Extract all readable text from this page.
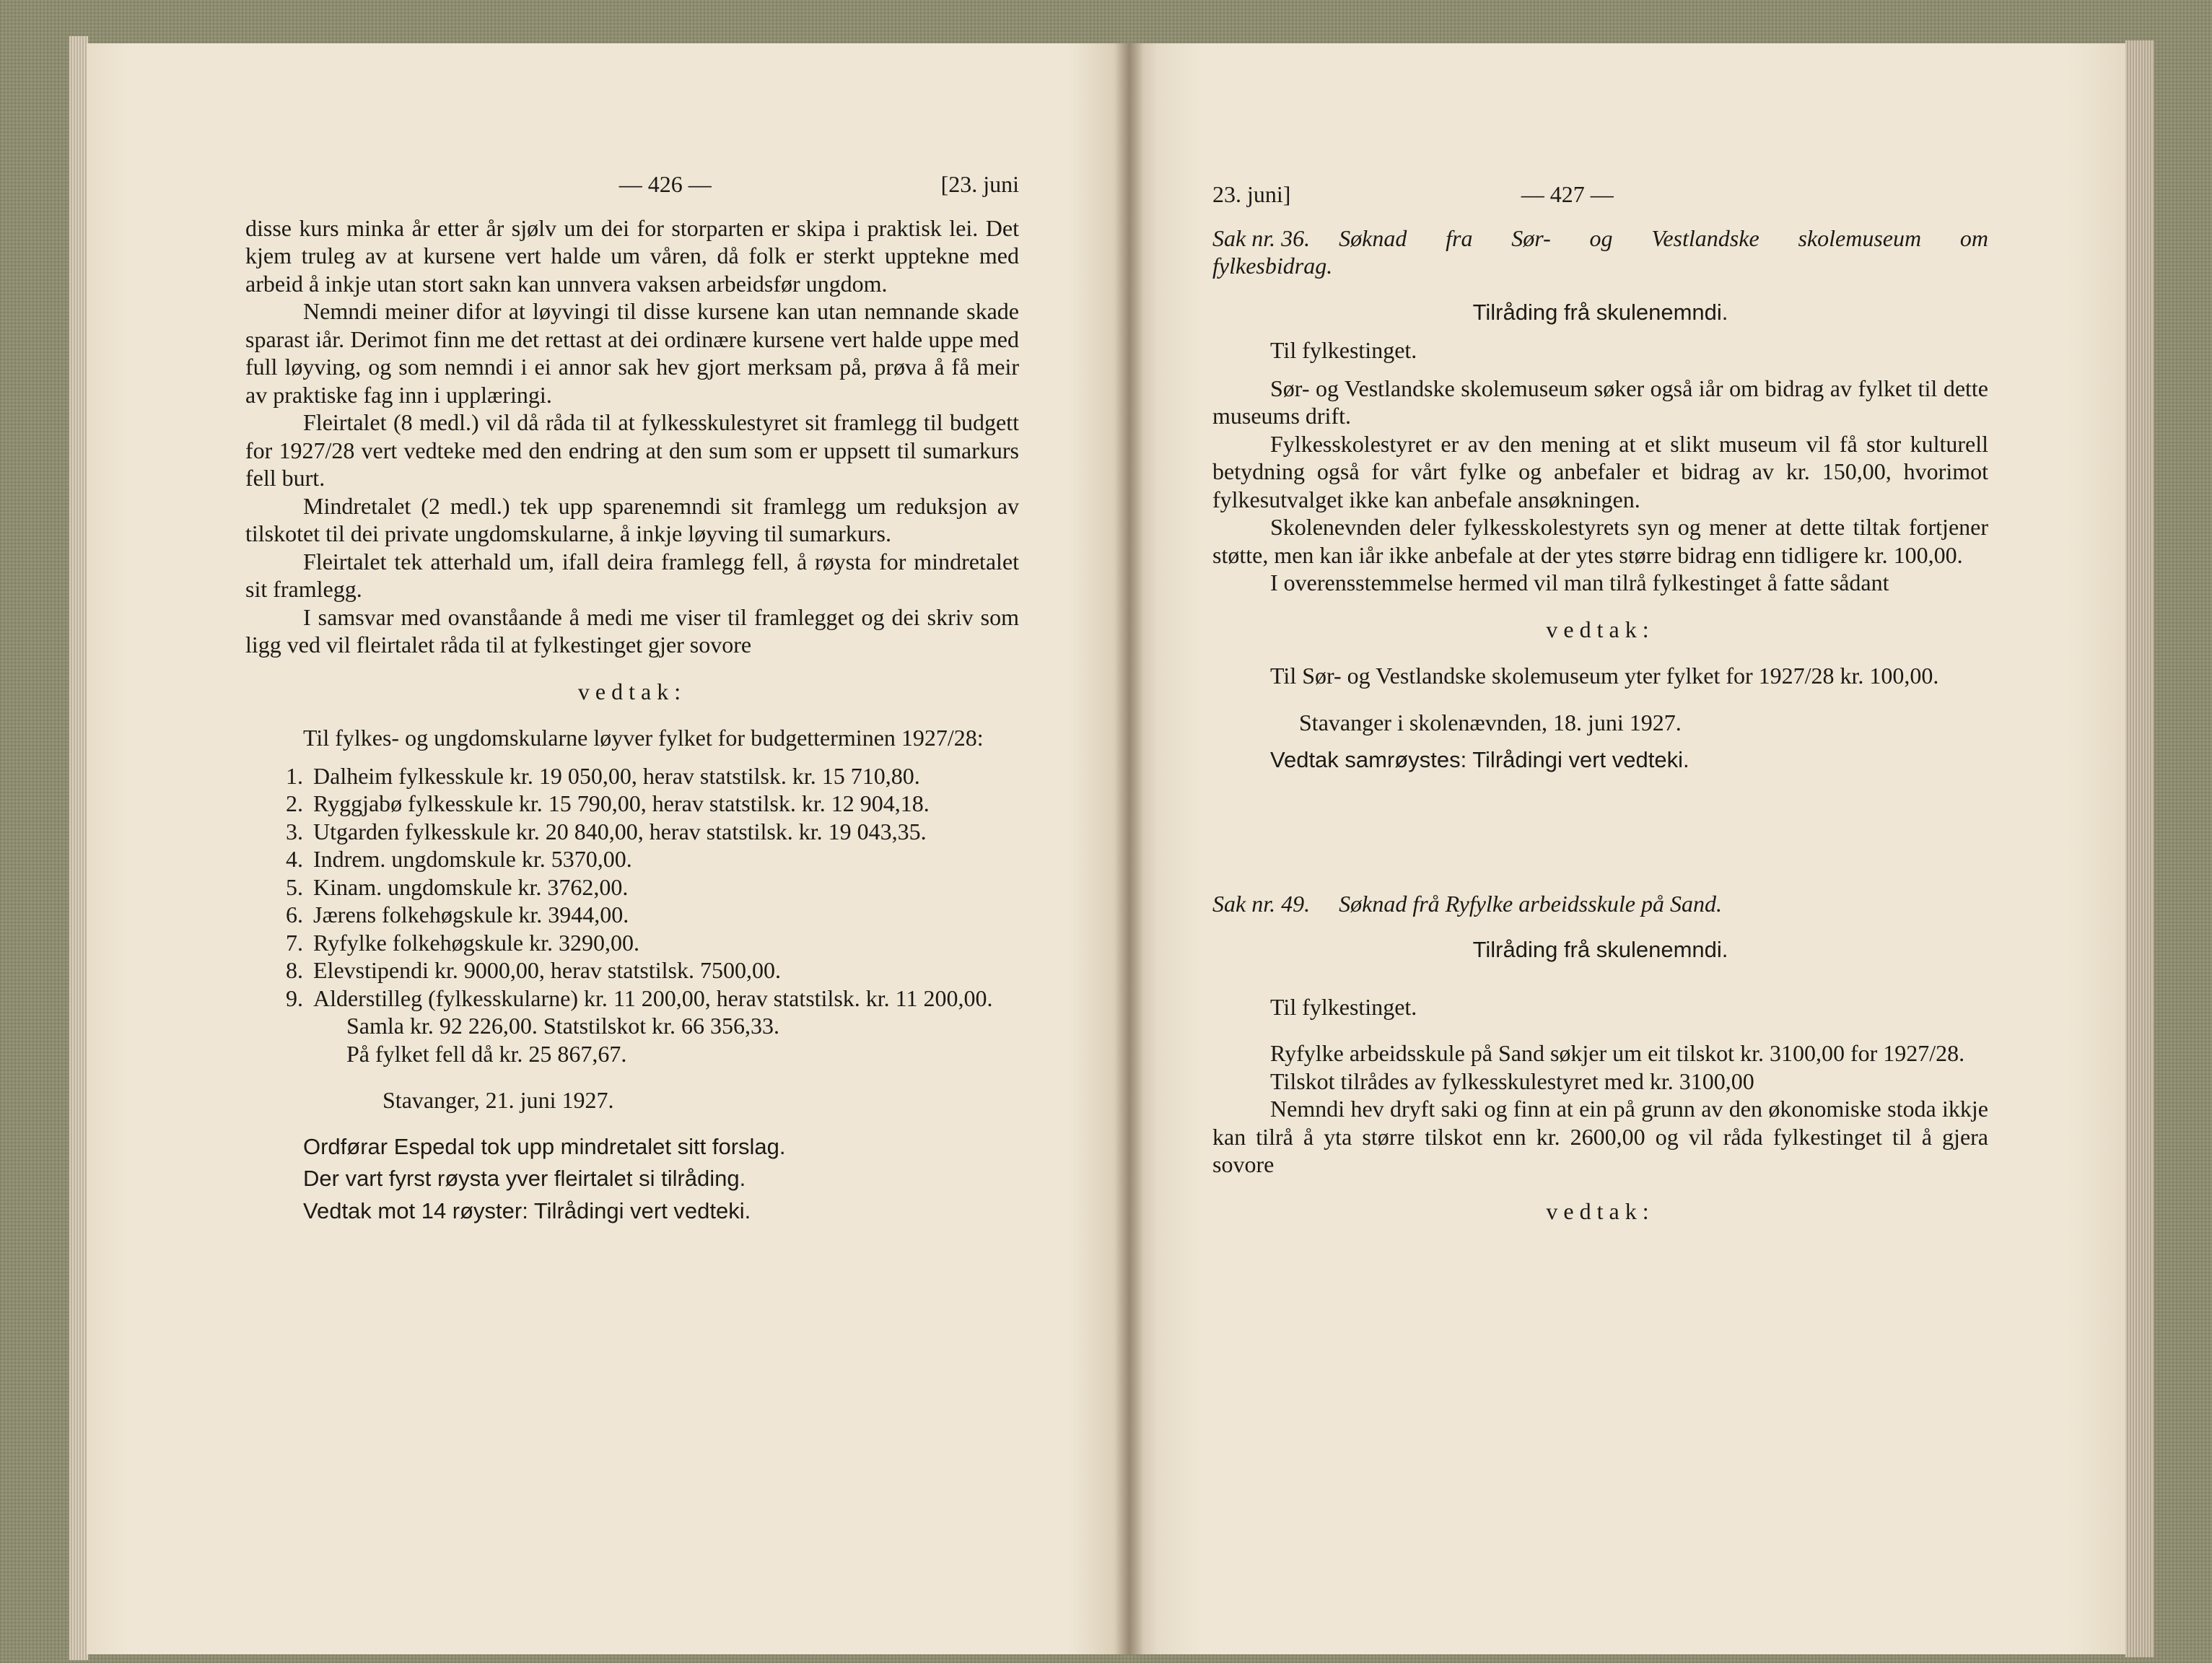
— 426 —	[23. juni

disse kurs minka år etter år sjølv um dei for storparten er skipa i praktisk lei. Det kjem truleg av at kursene vert halde um våren, då folk er sterkt upptekne med arbeid å inkje utan stort sakn kan unnvera vaksen arbeidsfør ungdom.

Nemndi meiner difor at løyvingi til disse kursene kan utan nemnande skade sparast iår. Derimot finn me det rettast at dei ordinære kursene vert halde uppe med full løyving, og som nemndi i ei annor sak hev gjort merksam på, prøva å få meir av praktiske fag inn i upplæringi.

Fleirtalet (8 medl.) vil då råda til at fylkesskulestyret sit framlegg til budgett for 1927/28 vert vedteke med den endring at den sum som er uppsett til sumarkurs fell burt.

Mindretalet (2 medl.) tek upp sparenemndi sit framlegg um reduksjon av tilskotet til dei private ungdomskularne, å inkje løyving til sumarkurs.

Fleirtalet tek atterhald um, ifall deira framlegg fell, å røysta for mindretalet sit framlegg.

I samsvar med ovanståande å medi me viser til framlegget og dei skriv som ligg ved vil fleirtalet råda til at fylkestinget gjer sovore

vedtak:

Til fylkes- og ungdomskularne løyver fylket for budgetterminen 1927/28:

1. Dalheim fylkesskule kr. 19 050,00, herav statstilsk. kr. 15 710,80.
2. Ryggjabø fylkesskule kr. 15 790,00, herav statstilsk. kr. 12 904,18.
3. Utgarden fylkesskule kr. 20 840,00, herav statstilsk. kr. 19 043,35.
4. Indrem. ungdomskule kr. 5370,00.
5. Kinam. ungdomskule kr. 3762,00.
6. Jærens folkehøgskule kr. 3944,00.
7. Ryfylke folkehøgskule kr. 3290,00.
8. Elevstipendi kr. 9000,00, herav statstilsk. 7500,00.
9. Alderstilleg (fylkesskularne) kr. 11 200,00, herav statstilsk. kr. 11 200,00.

Samla kr. 92 226,00. Statstilskot kr. 66 356,33.

På fylket fell då kr. 25 867,67.

Stavanger, 21. juni 1927.

Ordførar Espedal tok upp mindretalet sitt forslag.

Der vart fyrst røysta yver fleirtalet si tilråding.

Vedtak mot 14 røyster: Tilrådingi vert vedteki.

23. juni]	— 427 —
Sak nr. 36.	Søknad fra Sør- og Vestlandske skolemuseum om

fylkesbidrag.

Tilråding frå skulenemndi.

Til fylkestinget.

Sør- og Vestlandske skolemuseum søker også iår om bidrag av fylket til dette museums drift.

Fylkesskolestyret er av den mening at et slikt museum vil få stor kulturell betydning også for vårt fylke og anbefaler et bidrag av kr. 150,00, hvorimot fylkesutvalget ikke kan anbefale ansøkningen.

Skolenevnden deler fylkesskolestyrets syn og mener at dette tiltak fortjener støtte, men kan iår ikke anbefale at der ytes større bidrag enn tidligere kr. 100,00.

I overensstemmelse hermed vil man tilrå fylkestinget å fatte sådant

vedtak:

Til Sør- og Vestlandske skolemuseum yter fylket for 1927/28 kr. 100,00.

Stavanger i skolenævnden, 18. juni 1927.

Vedtak samrøystes: Tilrådingi vert vedteki.

Sak nr. 49.	Søknad frå Ryfylke arbeidsskule på Sand.

Tilråding frå skulenemndi.

Til fylkestinget.

Ryfylke arbeidsskule på Sand søkjer um eit tilskot kr. 3100,00 for 1927/28.

Tilskot tilrådes av fylkesskulestyret med kr. 3100,00

Nemndi hev dryft saki og finn at ein på grunn av den økonomiske stoda ikkje kan tilrå å yta større tilskot enn kr. 2600,00 og vil råda fylkestinget til å gjera sovore

vedtak:
